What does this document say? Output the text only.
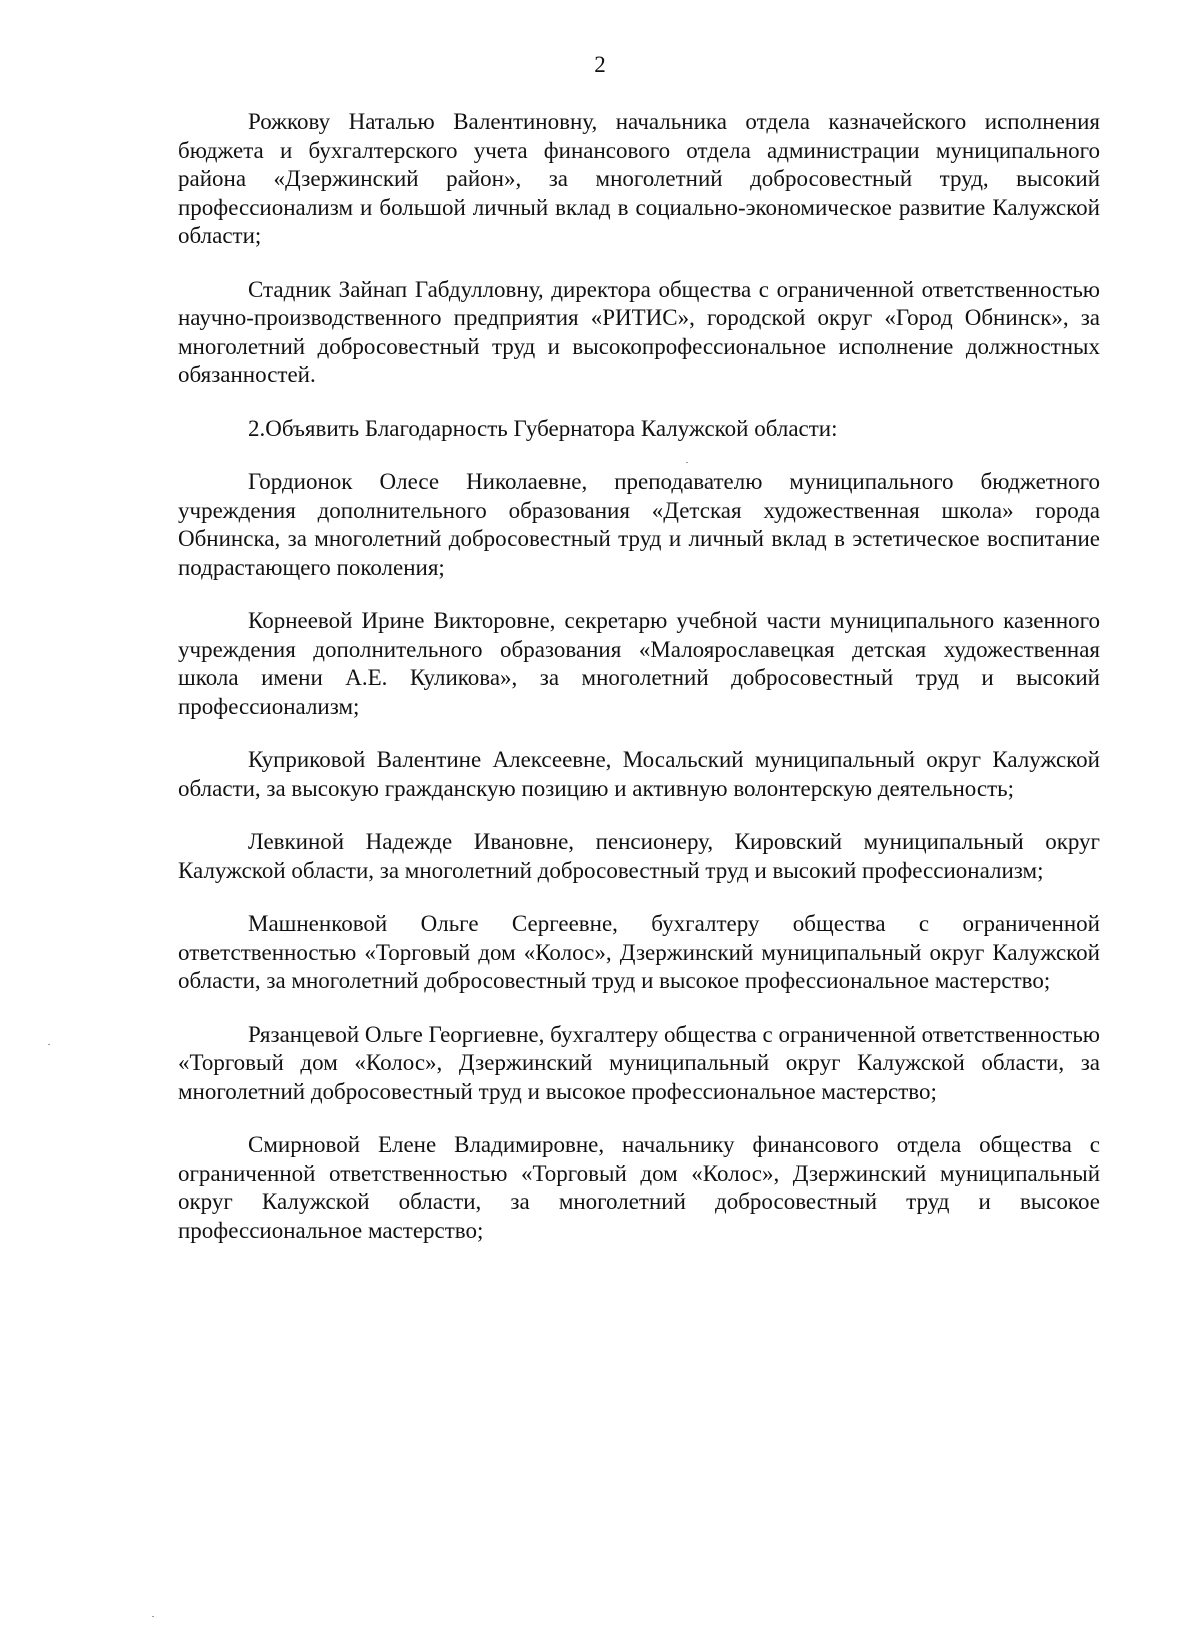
2

Рожкову Наталью Валентиновну, начальника отдела казначейского исполнения бюджета и бухгалтерского учета финансового отдела администрации муниципального района «Дзержинский район», за многолетний добросовестный труд, высокий профессионализм и большой личный вклад в социально-экономическое развитие Калужской области;

Стадник Зайнап Габдулловну, директора общества с ограниченной ответственностью научно-производственного предприятия «РИТИС», городской округ «Город Обнинск», за многолетний добросовестный труд и высокопрофессиональное исполнение должностных обязанностей.

2.Объявить Благодарность Губернатора Калужской области:

Гордионок Олесе Николаевне, преподавателю муниципального бюджетного учреждения дополнительного образования «Детская художественная школа» города Обнинска, за многолетний добросовестный труд и личный вклад в эстетическое воспитание подрастающего поколения;

Корнеевой Ирине Викторовне, секретарю учебной части муниципального казенного учреждения дополнительного образования «Малоярославецкая детская художественная школа имени А.Е. Куликова», за многолетний добросовестный труд и высокий профессионализм;

Куприковой Валентине Алексеевне, Мосальский муниципальный округ Калужской области, за высокую гражданскую позицию и активную волонтерскую деятельность;

Левкиной Надежде Ивановне, пенсионеру, Кировский муниципальный округ Калужской области, за многолетний добросовестный труд и высокий профессионализм;

Машненковой Ольге Сергеевне, бухгалтеру общества с ограниченной ответственностью «Торговый дом «Колос», Дзержинский муниципальный округ Калужской области, за многолетний добросовестный труд и высокое профессиональное мастерство;

Рязанцевой Ольге Георгиевне, бухгалтеру общества с ограниченной ответственностью «Торговый дом «Колос», Дзержинский муниципальный округ Калужской области, за многолетний добросовестный труд и высокое профессиональное мастерство;

Смирновой Елене Владимировне, начальнику финансового отдела общества с ограниченной ответственностью «Торговый дом «Колос», Дзержинский муниципальный округ Калужской области, за многолетний добросовестный труд и высокое профессиональное мастерство;
